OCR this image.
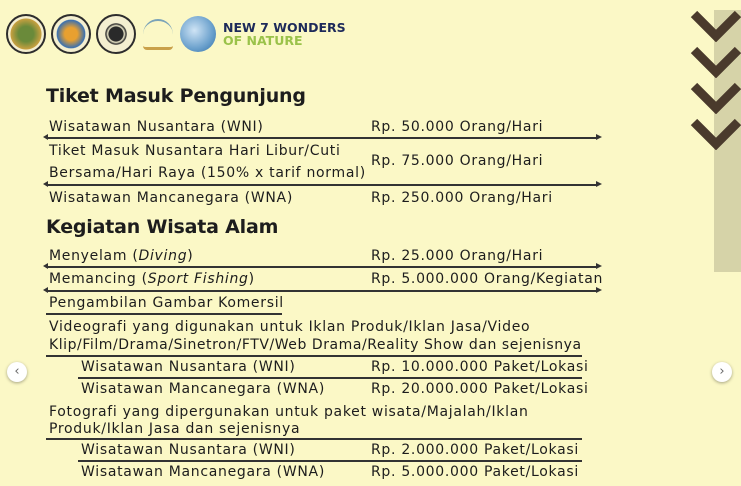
NEW 7 WONDERS
OF NATURE
Tiket Masuk Pengunjung
Wisatawan Nusantara (WNI)	Rp. 50.000 Orang/Hari
Tiket Masuk Nusantara Hari Libur/Cuti
Bersama/Hari Raya (150% x tarif normal)
Rp. 75.000 Orang/Hari
Wisatawan Mancanegara (WNA)	Rp. 250.000 Orang/Hari
Kegiatan Wisata Alam
Menyelam (Diving)	Rp. 25.000 Orang/Hari
Memancing (Sport Fishing)	Rp. 5.000.000 Orang/Kegiatan
Pengambilan Gambar Komersil
Videografi yang digunakan untuk Iklan Produk/Iklan Jasa/Video
Klip/Film/Drama/Sinetron/FTV/Web Drama/Reality Show dan sejenisnya
Wisatawan Nusantara (WNI)	Rp. 10.000.000 Paket/Lokasi
Wisatawan Mancanegara (WNA)	Rp. 20.000.000 Paket/Lokasi
Fotografi yang dipergunakan untuk paket wisata/Majalah/Iklan
Produk/Iklan Jasa dan sejenisnya
Wisatawan Nusantara (WNI)	Rp. 2.000.000 Paket/Lokasi
Wisatawan Mancanegara (WNA)	Rp. 5.000.000 Paket/Lokasi
‹	›
